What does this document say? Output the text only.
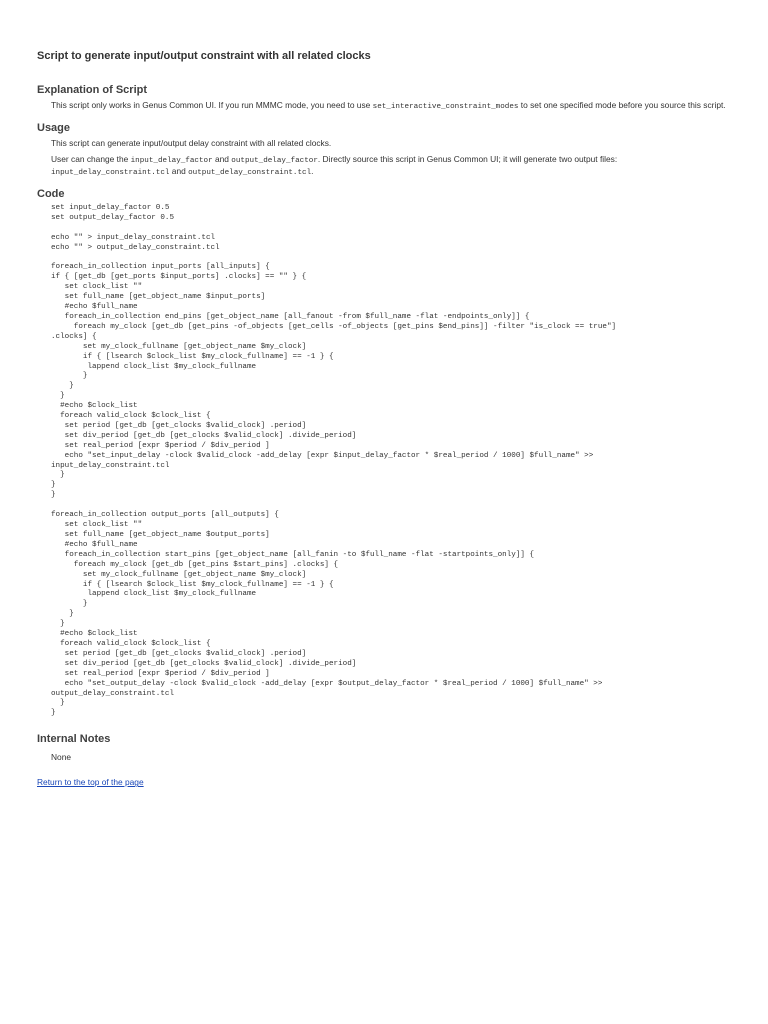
Script to generate input/output constraint with all related clocks
Explanation of Script

This script only works in Genus Common UI. If you run MMMC mode, you need to use set_interactive_constraint_modes to set one specified mode before you source this script.

Usage

This script can generate input/output delay constraint with all related clocks.

User can change the input_delay_factor and output_delay_factor. Directly source this script in Genus Common UI; it will generate two output files: input_delay_constraint.tcl and output_delay_constraint.tcl.

Code
set input_delay_factor 0.5
set output_delay_factor 0.5

echo "" > input_delay_constraint.tcl
echo "" > output_delay_constraint.tcl

foreach_in_collection input_ports [all_inputs] {
if { [get_db [get_ports $input_ports] .clocks] == "" } {
set clock_list ""
set full_name [get_object_name $input_ports]
#echo $full_name
foreach_in_collection end_pins [get_object_name [all_fanout -from $full_name -flat -endpoints_only]] {
foreach my_clock [get_db [get_pins -of_objects [get_cells -of_objects [get_pins $end_pins]] -filter "is_clock == true"]
.clocks] {
set my_clock_fullname [get_object_name $my_clock]
if { [lsearch $clock_list $my_clock_fullname] == -1 } {
lappend clock_list $my_clock_fullname
}
}
}
#echo $clock_list
foreach valid_clock $clock_list {
set period [get_db [get_clocks $valid_clock] .period]
set div_period [get_db [get_clocks $valid_clock] .divide_period]
set real_period [expr $period / $div_period ]
echo "set_input_delay -clock $valid_clock -add_delay [expr $input_delay_factor * $real_period / 1000] $full_name" >>
input_delay_constraint.tcl
}
}
}
foreach_in_collection output_ports [all_outputs] {
set clock_list ""
set full_name [get_object_name $output_ports]
#echo $full_name
foreach_in_collection start_pins [get_object_name [all_fanin -to $full_name -flat -startpoints_only]] {
foreach my_clock [get_db [get_pins $start_pins] .clocks] {
set my_clock_fullname [get_object_name $my_clock]
if { [lsearch $clock_list $my_clock_fullname] == -1 } {
lappend clock_list $my_clock_fullname
}
}
}
#echo $clock_list
foreach valid_clock $clock_list {
set period [get_db [get_clocks $valid_clock] .period]
set div_period [get_db [get_clocks $valid_clock] .divide_period]
set real_period [expr $period / $div_period ]
echo "set_output_delay -clock $valid_clock -add_delay [expr $output_delay_factor * $real_period / 1000] $full_name" >>
output_delay_constraint.tcl
}
}
Internal Notes
None
Return to the top of the page
